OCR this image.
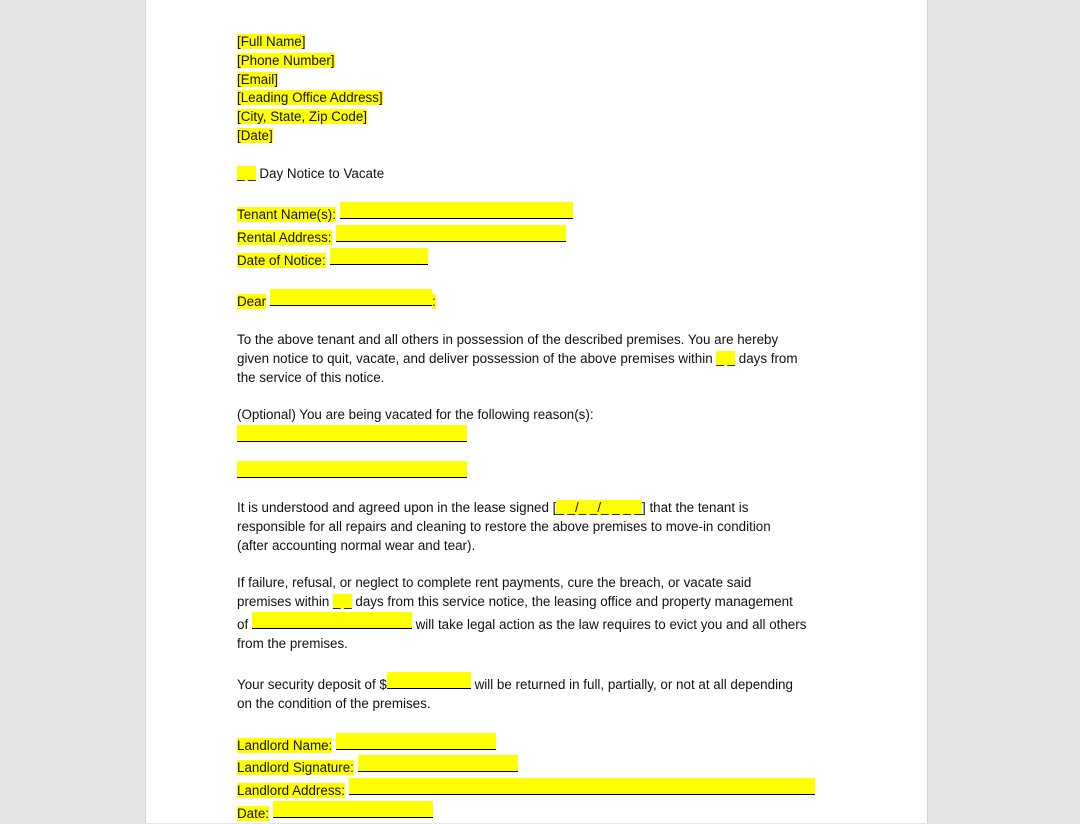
[Full Name]

[Phone Number]

[Email]

[Leading Office Address]

[City, State, Zip Code]

[Date]

_ _ Day Notice to Vacate

Tenant Name(s):

Rental Address:

Date of Notice:

Dear	:

To the above tenant and all others in possession of the described premises. You are hereby

given notice to quit, vacate, and deliver possession of the above premises within _ _ days from

the service of this notice.

(Optional) You are being vacated for the following reason(s):

It is understood and agreed upon in the lease signed [_ _/_ _/_ _ _ _] that the tenant is

responsible for all repairs and cleaning to restore the above premises to move-in condition

(after accounting normal wear and tear).

If failure, refusal, or neglect to complete rent payments, cure the breach, or vacate said

premises within _ _ days from this service notice, the leasing office and property management

of	will take legal action as the law requires to evict you and all others

from the premises.

Your security deposit of $	will be returned in full, partially, or not at all depending

on the condition of the premises.

Landlord Name:

Landlord Signature:

Landlord Address:

Date:
